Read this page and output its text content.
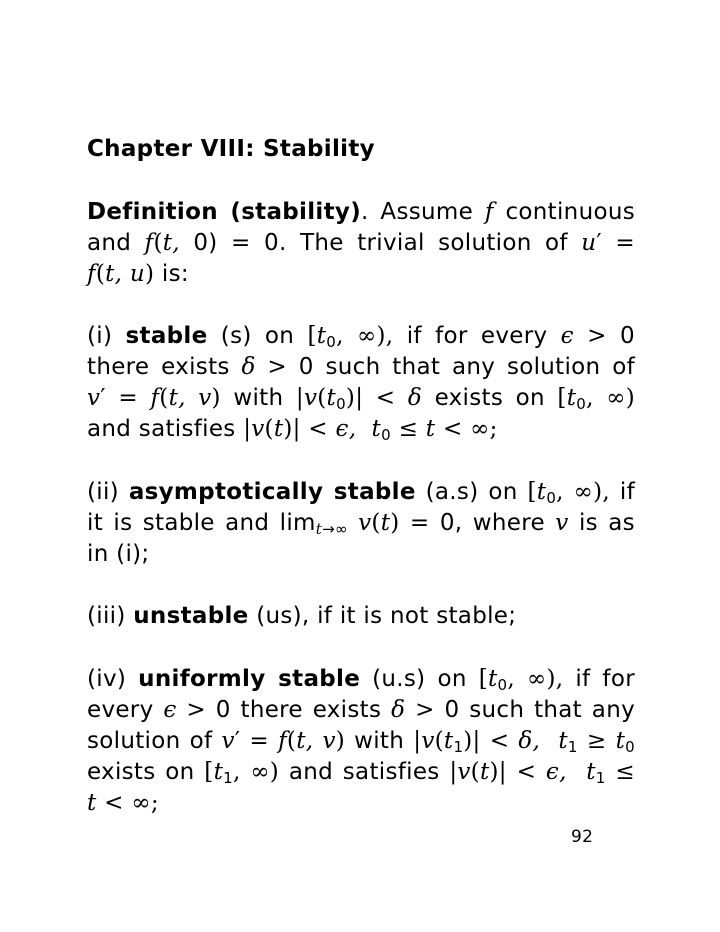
Chapter VIII: Stability
Definition (stability). Assume f continuous
and f(t, 0) = 0. The trivial solution of u′ =
f(t, u) is:
(i) stable (s) on [$t_0$, ∞), if for every ϵ > 0
there exists δ > 0 such that any solution of
v′ = f(t, v) with $|v(t_0)| < \delta$ exists on [$t_0$, ∞)
and satisfies |v(t)| < ϵ, $t_0 \le t$ < ∞;
(ii) asymptotically stable (a.s) on [$t_0$, ∞), if
it is stable and $\lim_{t\to\infty} v(t) = 0$, where v is as
in (i);
(iii) unstable (us), if it is not stable;
(iv) uniformly stable (u.s) on [$t_0$, ∞), if for
every ϵ > 0 there exists δ > 0 such that any
solution of v′ = f(t, v) with $|v(t_1)| < \delta$, $t_1 \ge t_0$
exists on [$t_1$, ∞) and satisfies |v(t)| < ϵ, $t_1$ ≤
t < ∞;
92
